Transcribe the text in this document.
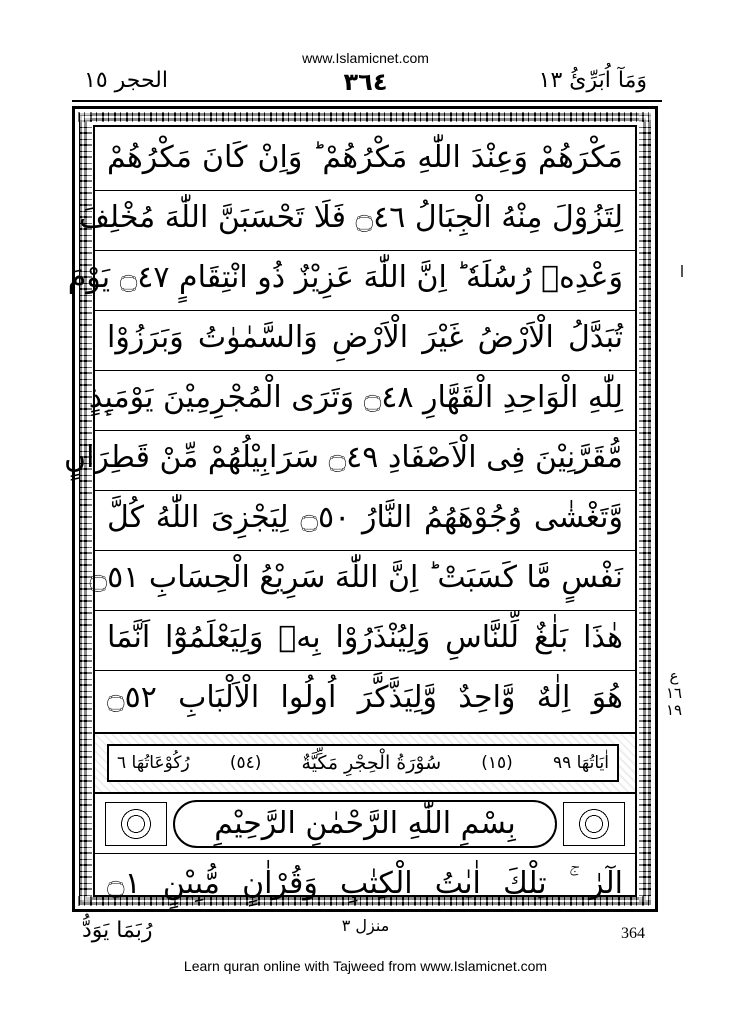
www.Islamicnet.com
الحجر ١٥	٣٦٤	وَمَآ اُبَرِّئُ ١٣
مَكْرَهُمْ وَعِنْدَ اللّٰهِ مَكْرُهُمْ ؕ وَاِنْ كَانَ مَكْرُهُمْ
لِتَزُوْلَ مِنْهُ الْجِبَالُ ۝٤٦ فَلَا تَحْسَبَنَّ اللّٰهَ مُخْلِفَ
وَعْدِهٖ رُسُلَهٗ ؕ اِنَّ اللّٰهَ عَزِيْزٌ ذُو انْتِقَامٍ ۝٤٧ يَوْمَ
تُبَدَّلُ الْاَرْضُ غَيْرَ الْاَرْضِ وَالسَّمٰوٰتُ وَبَرَزُوْا
لِلّٰهِ الْوَاحِدِ الْقَهَّارِ ۝٤٨ وَتَرَى الْمُجْرِمِيْنَ يَوْمَىِٕذٍ
مُّقَرَّنِيْنَ فِى الْاَصْفَادِ ۝٤٩ سَرَابِيْلُهُمْ مِّنْ قَطِرَانٍ
وَّتَغْشٰى وُجُوْهَهُمُ النَّارُ ۝٥٠ لِيَجْزِىَ اللّٰهُ كُلَّ
نَفْسٍ مَّا كَسَبَتْ ؕ اِنَّ اللّٰهَ سَرِيْعُ الْحِسَابِ ۝٥١
هٰذَا بَلٰغٌ لِّلنَّاسِ وَلِيُنْذَرُوْا بِهٖ وَلِيَعْلَمُوْٓا اَنَّمَا
هُوَ اِلٰهٌ وَّاحِدٌ وَّلِيَذَّكَّرَ اُولُوا الْاَلْبَابِ ۝٥٢
اٰيَاتُهَا ٩٩
(١٥)
سُوْرَةُ الْحِجْرِ مَكِّيَّةٌ
(٥٤)
رُكُوْعَاتُهَا ٦
بِسْمِ اللّٰهِ الرَّحْمٰنِ الرَّحِيْمِ
الٓرٰ ۚ تِلْكَ اٰيٰتُ الْكِتٰبِ وَقُرْاٰنٍ مُّبِيْنٍ ۝١
ع
١٦
١٩
رُبَمَا يَوَدُّ	منزل ٣	364
Learn quran online with Tajweed from www.Islamicnet.com
